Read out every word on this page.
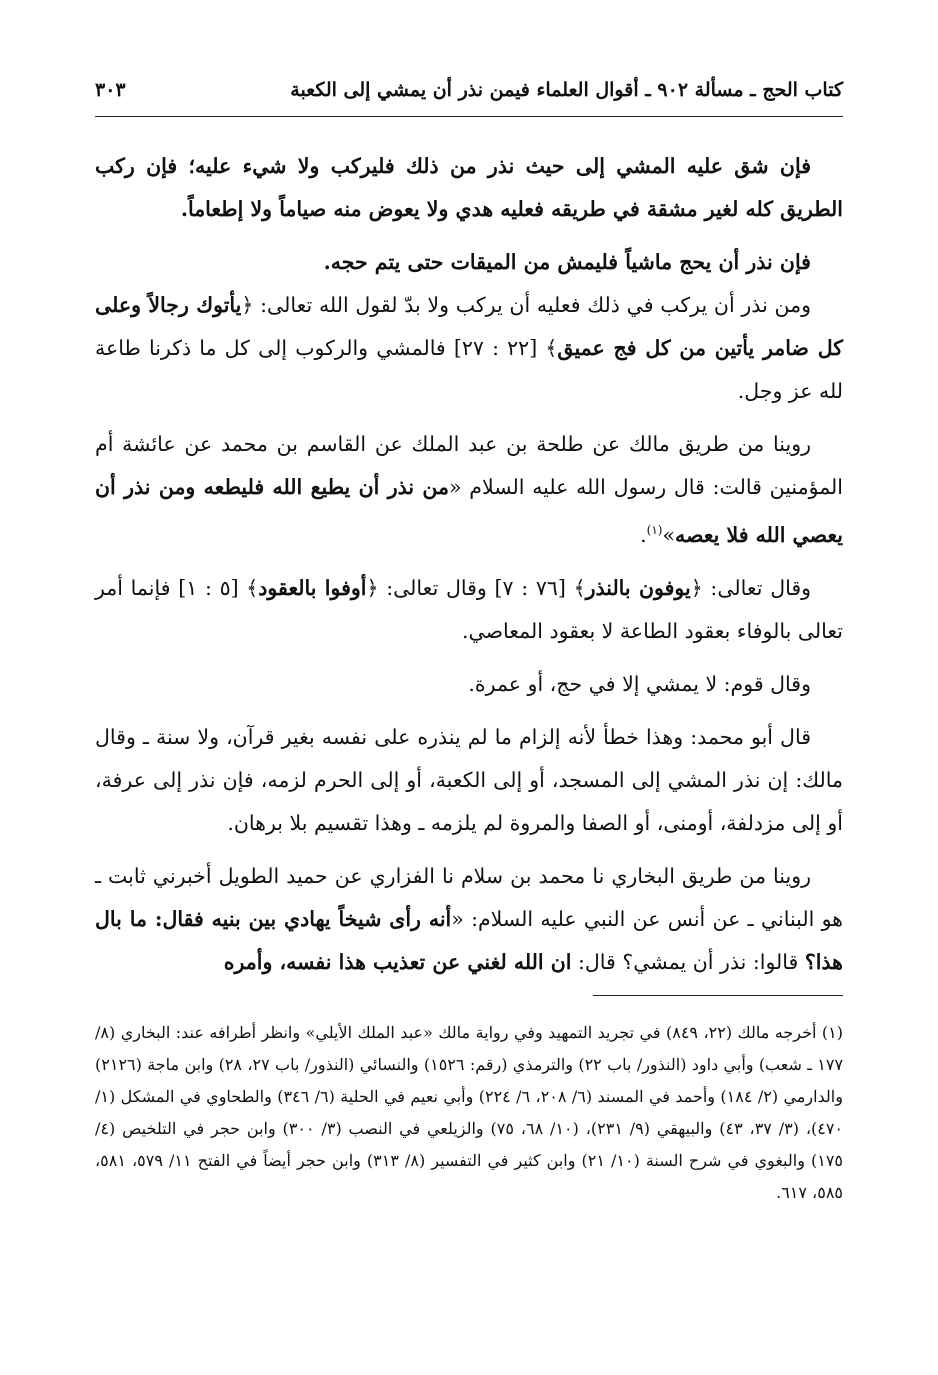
كتاب الحج ـ مسألة ٩٠٢ ـ أقوال العلماء فيمن نذر أن يمشي إلى الكعبة
٣٠٣

فإن شق عليه المشي إلى حيث نذر من ذلك فليركب ولا شيء عليه؛ فإن ركب الطريق كله لغير مشقة في طريقه فعليه هدي ولا يعوض منه صياماً ولا إطعاماً.

فإن نذر أن يحج ماشياً فليمش من الميقات حتى يتم حجه.

ومن نذر أن يركب في ذلك فعليه أن يركب ولا بدّ لقول الله تعالى: ﴿يأتوك رجالاً وعلى كل ضامر يأتين من كل فج عميق﴾ [٢٢ : ٢٧] فالمشي والركوب إلى كل ما ذكرنا طاعة لله عز وجل.

روينا من طريق مالك عن طلحة بن عبد الملك عن القاسم بن محمد عن عائشة أم المؤمنين قالت: قال رسول الله عليه السلام «من نذر أن يطيع الله فليطعه ومن نذر أن يعصي الله فلا يعصه»$^{(١)}$.

وقال تعالى: ﴿يوفون بالنذر﴾ [٧٦ : ٧] وقال تعالى: ﴿أوفوا بالعقود﴾ [٥ : ١] فإنما أمر تعالى بالوفاء بعقود الطاعة لا بعقود المعاصي.

وقال قوم: لا يمشي إلا في حج، أو عمرة.

قال أبو محمد: وهذا خطأ لأنه إلزام ما لم ينذره على نفسه بغير قرآن، ولا سنة ـ وقال مالك: إن نذر المشي إلى المسجد، أو إلى الكعبة، أو إلى الحرم لزمه، فإن نذر إلى عرفة، أو إلى مزدلفة، أومنى، أو الصفا والمروة لم يلزمه ـ وهذا تقسيم بلا برهان.

روينا من طريق البخاري نا محمد بن سلام نا الفزاري عن حميد الطويل أخبرني ثابت ـ هو البناني ـ عن أنس عن النبي عليه السلام: «أنه رأى شيخاً يهادي بين بنيه فقال: ما بال هذا؟ قالوا: نذر أن يمشي؟ قال: ان الله لغني عن تعذيب هذا نفسه، وأمره

(١) أخرجه مالك (٢٢، ٨٤٩) في تجريد التمهيد وفي رواية مالك «عبد الملك الأيلي» وانظر أطرافه عند: البخاري (٨/ ١٧٧ ـ شعب) وأبي داود (النذور/ باب ٢٢) والترمذي (رقم: ١٥٢٦) والنسائي (النذور/ باب ٢٧، ٢٨) وابن ماجة (٢١٢٦) والدارمي (٢/ ١٨٤) وأحمد في المسند (٦/ ٢٠٨، ٦/ ٢٢٤) وأبي نعيم في الحلية (٦/ ٣٤٦) والطحاوي في المشكل (١/ ٤٧٠)، (٣/ ٣٧، ٤٣) والبيهقي (٩/ ٢٣١)، (١٠/ ٦٨، ٧٥) والزيلعي في النصب (٣/ ٣٠٠) وابن حجر في التلخيص (٤/ ١٧٥) والبغوي في شرح السنة (١٠/ ٢١) وابن كثير في التفسير (٨/ ٣١٣) وابن حجر أيضاً في الفتح ١١/ ٥٧٩، ٥٨١، ٥٨٥، ٦١٧.
